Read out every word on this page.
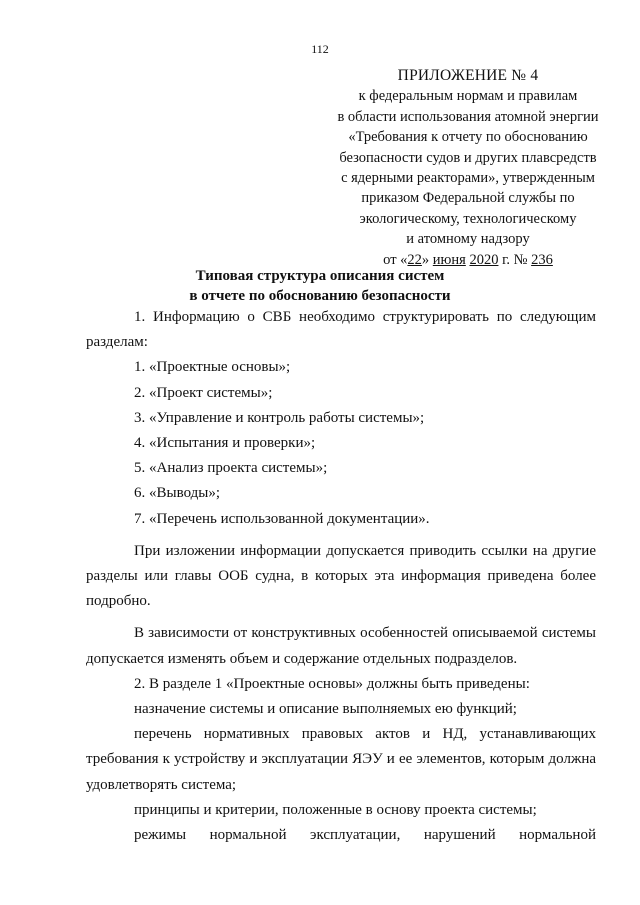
112
ПРИЛОЖЕНИЕ № 4
к федеральным нормам и правилам
в области использования атомной энергии
«Требования к отчету по обоснованию
безопасности судов и других плавсредств
с ядерными реакторами», утвержденным
приказом Федеральной службы по
экологическому, технологическому
и атомному надзору
от «22» июня 2020 г. № 236
Типовая структура описания систем
в отчете по обоснованию безопасности

1. Информацию о СВБ необходимо структурировать по следующим разделам:

1. «Проектные основы»;
2. «Проект системы»;
3. «Управление и контроль работы системы»;
4. «Испытания и проверки»;
5. «Анализ проекта системы»;
6. «Выводы»;
7. «Перечень использованной документации».

При изложении информации допускается приводить ссылки на другие разделы или главы ООБ судна, в которых эта информация приведена более подробно.

В зависимости от конструктивных особенностей описываемой системы допускается изменять объем и содержание отдельных подразделов.

2. В разделе 1 «Проектные основы» должны быть приведены:

назначение системы и описание выполняемых ею функций;

перечень нормативных правовых актов и НД, устанавливающих требования к устройству и эксплуатации ЯЭУ и ее элементов, которым должна удовлетворять система;

принципы и критерии, положенные в основу проекта системы;

режимы нормальной эксплуатации, нарушений нормальной
